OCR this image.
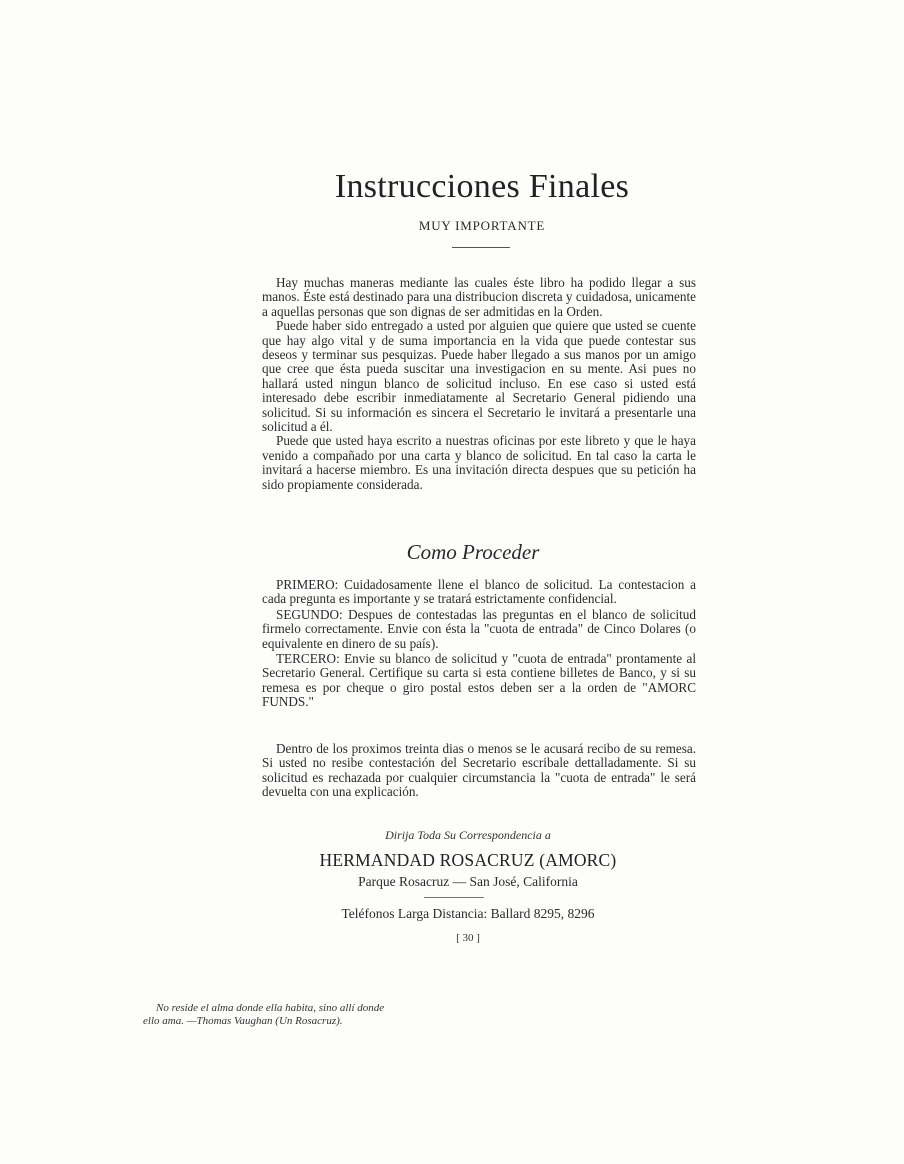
Instrucciones Finales
MUY IMPORTANTE

Hay muchas maneras mediante las cuales éste libro ha podido llegar a sus manos. Éste está destinado para una distribucion discreta y cuidadosa, unicamente a aquellas personas que son dignas de ser admitidas en la Orden.

Puede haber sido entregado a usted por alguien que quiere que usted se cuente que hay algo vital y de suma importancia en la vida que puede contestar sus deseos y terminar sus pesquizas. Puede haber llegado a sus manos por un amigo que cree que ésta pueda suscitar una investigacion en su mente. Asi pues no hallará usted ningun blanco de solicitud incluso. En ese caso si usted está interesado debe escribir inmediatamente al Secretario General pidiendo una solicitud. Si su información es sincera el Secretario le invitará a presentarle una solicitud a él.

Puede que usted haya escrito a nuestras oficinas por este libreto y que le haya venido a compañado por una carta y blanco de solicitud. En tal caso la carta le invitará a hacerse miembro. Es una invitación directa despues que su petición ha sido propiamente considerada.

Como Proceder

PRIMERO: Cuidadosamente llene el blanco de solicitud. La contestacion a cada pregunta es importante y se tratará estrictamente confidencial.

SEGUNDO: Despues de contestadas las preguntas en el blanco de solicitud firmelo correctamente. Envie con ésta la "cuota de entrada" de Cinco Dolares (o equivalente en dinero de su país).

TERCERO: Envie su blanco de solicitud y "cuota de entrada" prontamente al Secretario General. Certifique su carta si esta contiene billetes de Banco, y si su remesa es por cheque o giro postal estos deben ser a la orden de "AMORC FUNDS."

Dentro de los proximos treinta dias o menos se le acusará recibo de su remesa. Si usted no resibe contestación del Secretario escribale dettalladamente. Si su solicitud es rechazada por cualquier circumstancia la "cuota de entrada" le será devuelta con una explicación.

Dirija Toda Su Correspondencia a
HERMANDAD ROSACRUZ (AMORC)
Parque Rosacruz — San José, California
Teléfonos Larga Distancia: Ballard 8295, 8296
[ 30 ]
No reside el alma donde ella habita, sino allí donde
ello ama. —Thomas Vaughan (Un Rosacruz).
